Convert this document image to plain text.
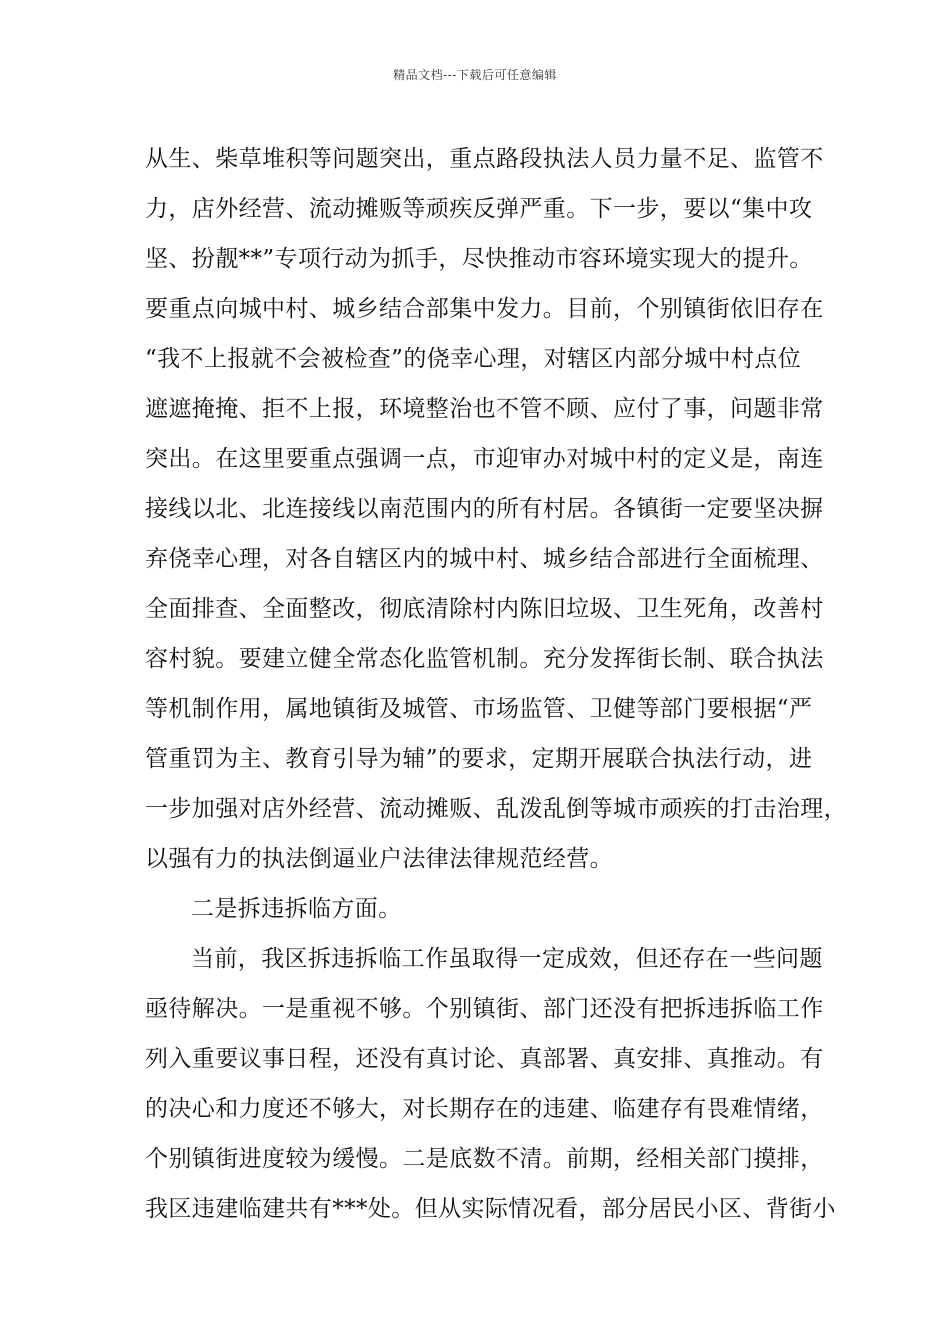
精品文档---下载后可任意编辑
从生、柴草堆积等问题突出，重点路段执法人员力量不足、监管不
力，店外经营、流动摊贩等顽疾反弹严重。下一步，要以“集中攻
坚、扮靓**”专项行动为抓手，尽快推动市容环境实现大的提升。
要重点向城中村、城乡结合部集中发力。目前，个别镇街依旧存在
“我不上报就不会被检查”的侥幸心理，对辖区内部分城中村点位
遮遮掩掩、拒不上报，环境整治也不管不顾、应付了事，问题非常
突出。在这里要重点强调一点，市迎审办对城中村的定义是，南连
接线以北、北连接线以南范围内的所有村居。各镇街一定要坚决摒
弃侥幸心理，对各自辖区内的城中村、城乡结合部进行全面梳理、
全面排查、全面整改，彻底清除村内陈旧垃圾、卫生死角，改善村
容村貌。要建立健全常态化监管机制。充分发挥街长制、联合执法
等机制作用，属地镇街及城管、市场监管、卫健等部门要根据“严
管重罚为主、教育引导为辅”的要求，定期开展联合执法行动，进
一步加强对店外经营、流动摊贩、乱泼乱倒等城市顽疾的打击治理，
以强有力的执法倒逼业户法律法律规范经营。
二是拆违拆临方面。
当前，我区拆违拆临工作虽取得一定成效，但还存在一些问题
亟待解决。一是重视不够。个别镇街、部门还没有把拆违拆临工作
列入重要议事日程，还没有真讨论、真部署、真安排、真推动。有
的决心和力度还不够大，对长期存在的违建、临建存有畏难情绪，
个别镇街进度较为缓慢。二是底数不清。前期，经相关部门摸排，
我区违建临建共有***处。但从实际情况看，部分居民小区、背街小
